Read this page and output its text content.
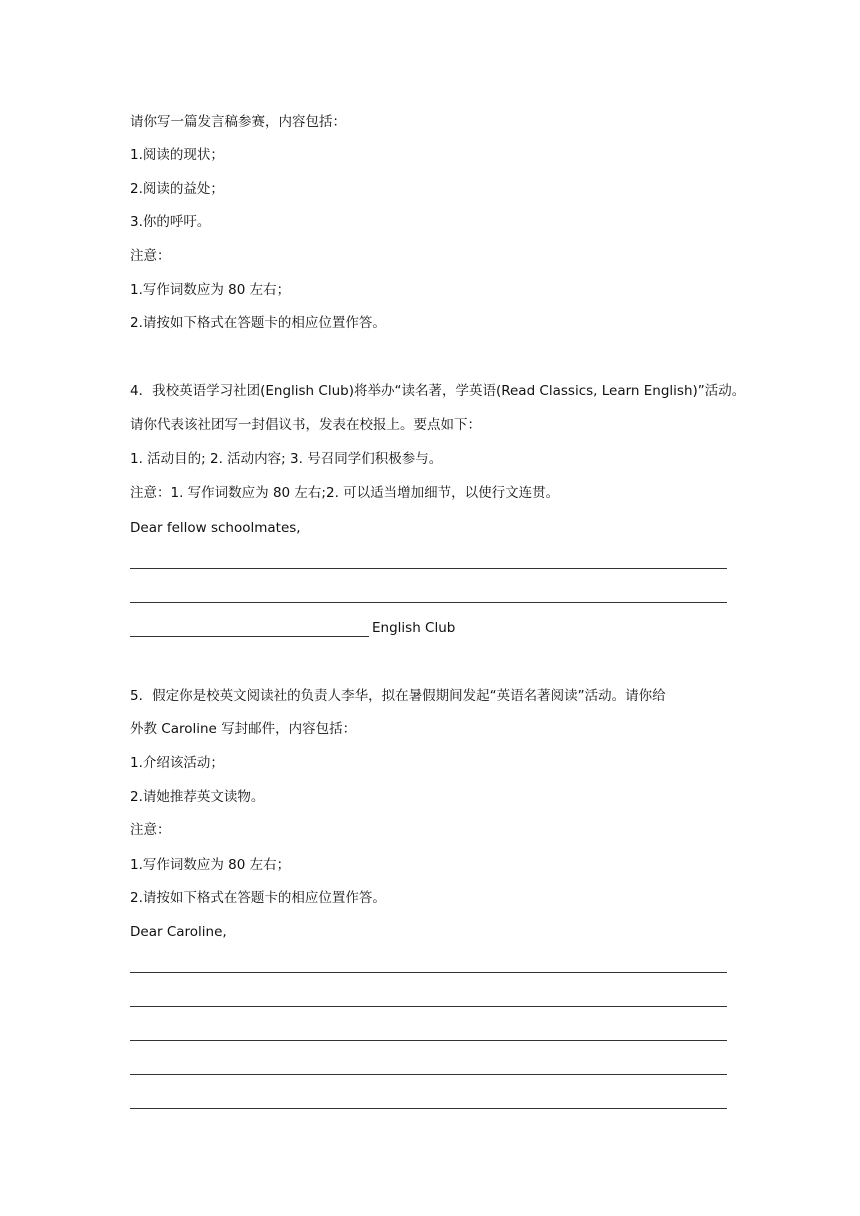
请你写一篇发言稿参赛，内容包括：
1.阅读的现状；
2.阅读的益处；
3.你的呼吁。
注意：
1.写作词数应为 80 左右；
2.请按如下格式在答题卡的相应位置作答。
4．我校英语学习社团(English Club)将举办“读名著，学英语(Read Classics, Learn English)”活动。
请你代表该社团写一封倡议书，发表在校报上。要点如下：
1. 活动目的; 2. 活动内容; 3. 号召同学们积极参与。
注意：1. 写作词数应为 80 左右;2. 可以适当增加细节，以使行文连贯。
Dear fellow schoolmates,
English Club
5．假定你是校英文阅读社的负责人李华，拟在暑假期间发起“英语名著阅读”活动。请你给
外教 Caroline 写封邮件，内容包括：
1.介绍该活动；
2.请她推荐英文读物。
注意：
1.写作词数应为 80 左右；
2.请按如下格式在答题卡的相应位置作答。
Dear Caroline,
